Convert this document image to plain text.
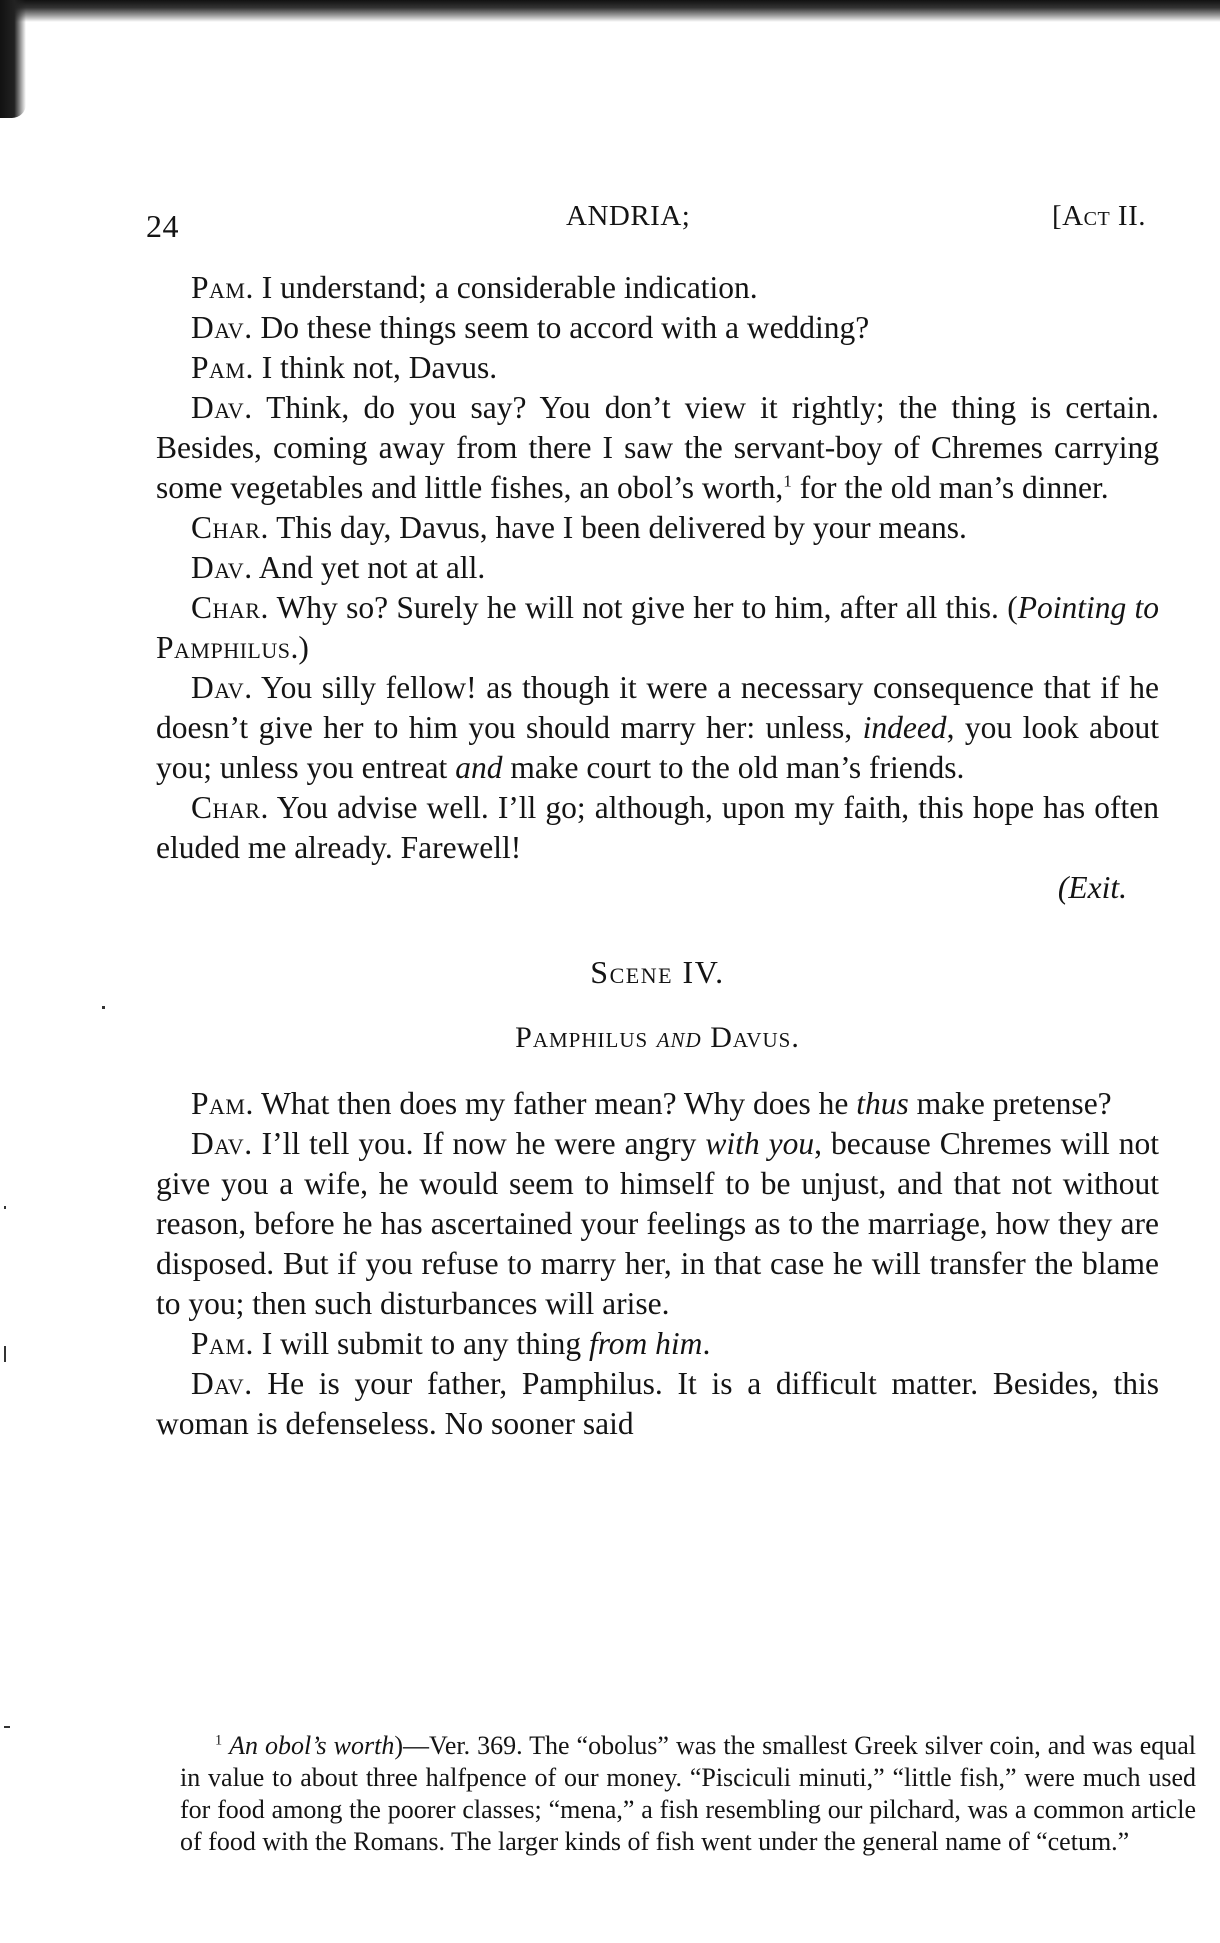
24	ANDRIA;	[Act II.

Pam. I understand; a considerable indication.

Dav. Do these things seem to accord with a wedding?

Pam. I think not, Davus.

Dav. Think, do you say? You don’t view it rightly; the thing is certain. Besides, coming away from there I saw the servant-boy of Chremes carrying some vegetables and little fishes, an obol’s worth,$^1$ for the old man’s dinner.

Char. This day, Davus, have I been delivered by your means.

Dav. And yet not at all.

Char. Why so? Surely he will not give her to him, after all this. (Pointing to Pamphilus.)

Dav. You silly fellow! as though it were a necessary consequence that if he doesn’t give her to him you should marry her: unless, indeed, you look about you; unless you entreat and make court to the old man’s friends.

Char. You advise well. I’ll go; although, upon my faith, this hope has often eluded me already. Farewell!

(Exit.

Scene IV.

Pamphilus and Davus.

Pam. What then does my father mean? Why does he thus make pretense?

Dav. I’ll tell you. If now he were angry with you, because Chremes will not give you a wife, he would seem to himself to be unjust, and that not without reason, before he has ascertained your feelings as to the marriage, how they are disposed. But if you refuse to marry her, in that case he will transfer the blame to you; then such disturbances will arise.

Pam. I will submit to any thing from him.

Dav. He is your father, Pamphilus. It is a difficult matter. Besides, this woman is defenseless. No sooner said

$^1$ An obol’s worth)—Ver. 369. The “obolus” was the smallest Greek silver coin, and was equal in value to about three halfpence of our money. “Pisciculi minuti,” “little fish,” were much used for food among the poorer classes; “mena,” a fish resembling our pilchard, was a common article of food with the Romans. The larger kinds of fish went under the general name of “cetum.”
